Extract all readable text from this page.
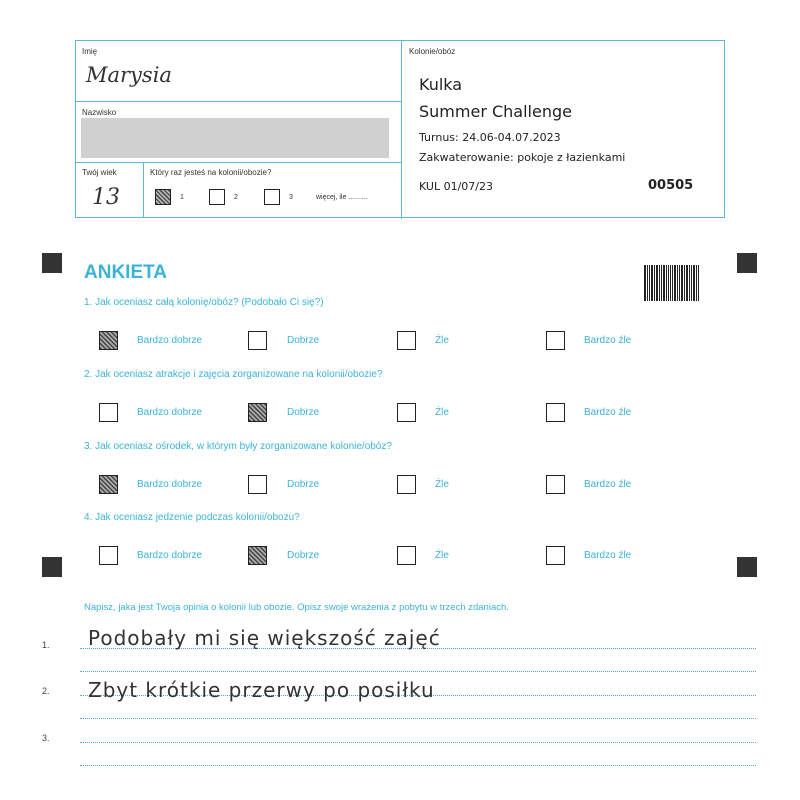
Imię
Marysia
Nazwisko
Twój wiek
13
Który raz jesteś na kolonii/obozie?
1	2	3	więcej, ile ..........
Kolonie/obóz
Kulka
Summer Challenge
Turnus: 24.06-04.07.2023
Zakwaterowanie: pokoje z łazienkami
KUL 01/07/23	00505
ANKIETA
1. Jak oceniasz całą kolonię/obóz? (Podobało Ci się?)
Bardzo dobrze	Dobrze	Źle	Bardzo źle
2. Jak oceniasz atrakcje i zajęcia zorganizowane na kolonii/obozie?
Bardzo dobrze	Dobrze	Źle	Bardzo źle
3. Jak oceniasz ośrodek, w którym były zorganizowane kolonie/obóz?
Bardzo dobrze	Dobrze	Źle	Bardzo źle
4. Jak oceniasz jedzenie podczas kolonii/obozu?
Bardzo dobrze	Dobrze	Źle	Bardzo źle
Napisz, jaka jest Twoja opinia o kolonii lub obozie. Opisz swoje wrażenia z pobytu w trzech zdaniach.
1.
2.
3.
Podobały mi się większość zajęć
Zbyt krótkie przerwy po posiłku
